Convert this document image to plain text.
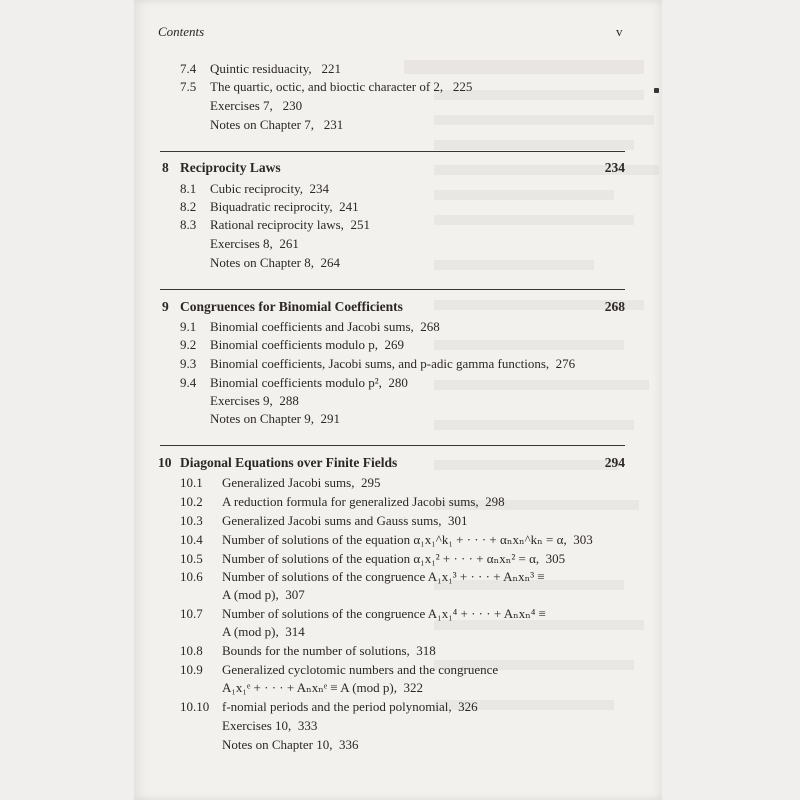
Contents	v
7.4 Quintic residuacity, 221
7.5 The quartic, octic, and bioctic character of 2, 225
Exercises 7, 230
Notes on Chapter 7, 231
8 Reciprocity Laws	234
8.1 Cubic reciprocity, 234
8.2 Biquadratic reciprocity, 241
8.3 Rational reciprocity laws, 251
Exercises 8, 261
Notes on Chapter 8, 264
9 Congruences for Binomial Coefficients	268
9.1 Binomial coefficients and Jacobi sums, 268
9.2 Binomial coefficients modulo p, 269
9.3 Binomial coefficients, Jacobi sums, and p-adic gamma functions, 276
9.4 Binomial coefficients modulo p², 280
Exercises 9, 288
Notes on Chapter 9, 291
10 Diagonal Equations over Finite Fields	294
10.1 Generalized Jacobi sums, 295
10.2 A reduction formula for generalized Jacobi sums, 298
10.3 Generalized Jacobi sums and Gauss sums, 301
10.4 Number of solutions of the equation α₁x₁^k₁ + · · · + αₙxₙ^kₙ = α, 303
10.5 Number of solutions of the equation α₁x₁² + · · · + αₙxₙ² = α, 305
10.6 Number of solutions of the congruence A₁x₁³ + · · · + Aₙxₙ³ ≡
A (mod p), 307
10.7 Number of solutions of the congruence A₁x₁⁴ + · · · + Aₙxₙ⁴ ≡
A (mod p), 314
10.8 Bounds for the number of solutions, 318
10.9 Generalized cyclotomic numbers and the congruence
A₁x₁ᵉ + · · · + Aₙxₙᵉ ≡ A (mod p), 322
10.10 f-nomial periods and the period polynomial, 326
Exercises 10, 333
Notes on Chapter 10, 336
